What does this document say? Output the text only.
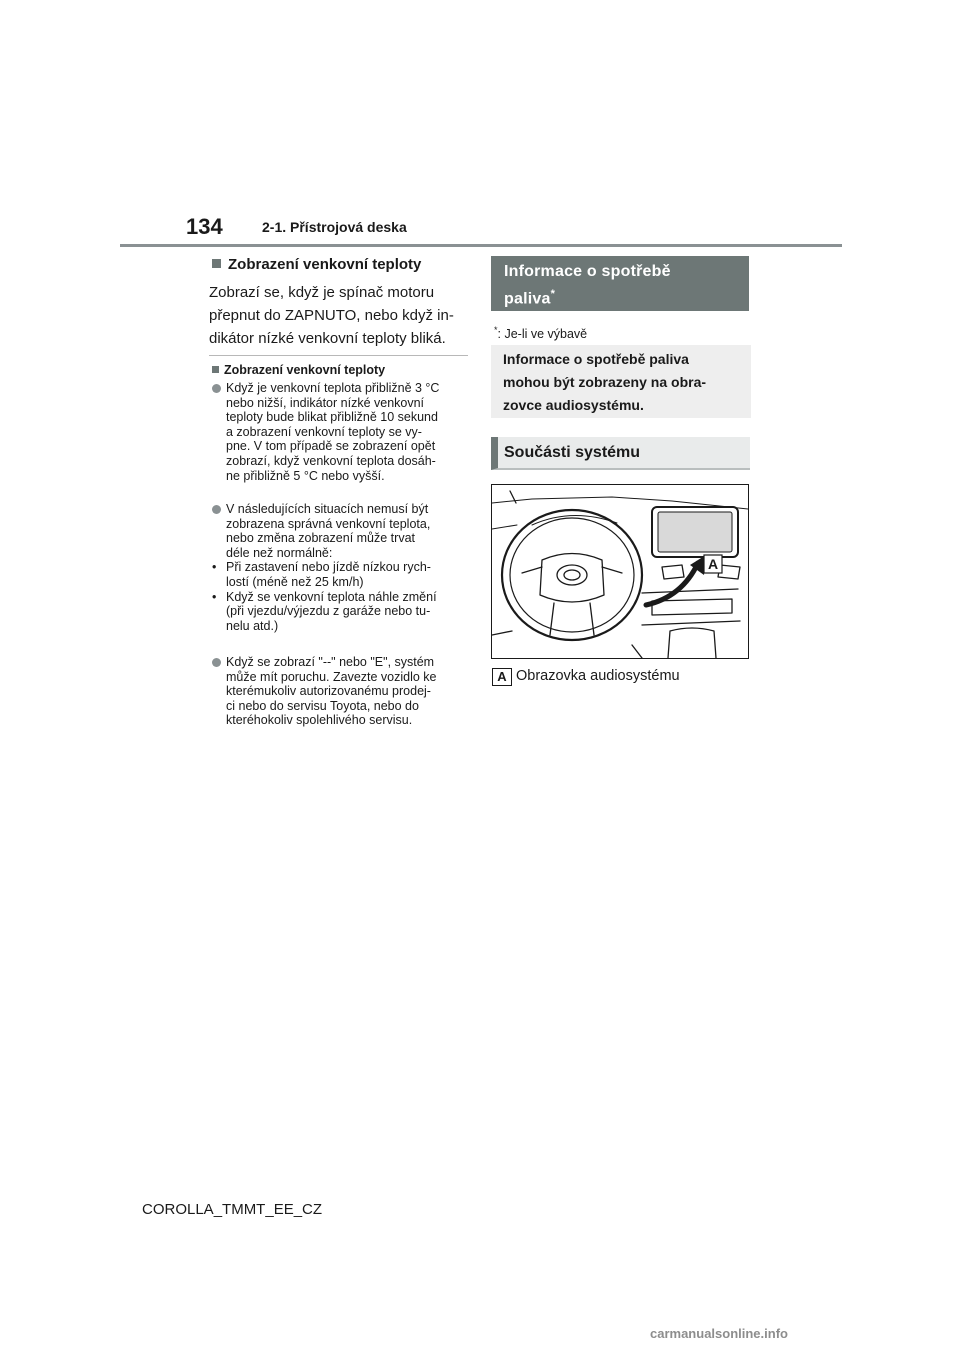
134	2-1. Přístrojová deska
Zobrazení venkovní teploty

Zobrazí se, když je spínač motoru

přepnut do ZAPNUTO, nebo když in-

dikátor nízké venkovní teploty bliká.

Zobrazení venkovní teploty
Když je venkovní teplota přibližně 3 °C
nebo nižší, indikátor nízké venkovní
teploty bude blikat přibližně 10 sekund
a zobrazení venkovní teploty se vy-
pne. V tom případě se zobrazení opět
zobrazí, když venkovní teplota dosáh-
ne přibližně 5 °C nebo vyšší.
V následujících situacích nemusí být
zobrazena správná venkovní teplota,
nebo změna zobrazení může trvat
déle než normálně:
• Při zastavení nebo jízdě nízkou rych-
lostí (méně než 25 km/h)
• Když se venkovní teplota náhle změní
(při vjezdu/výjezdu z garáže nebo tu-
nelu atd.)
Když se zobrazí "--" nebo "E", systém
může mít poruchu. Zavezte vozidlo ke
kterémukoliv autorizovanému prodej-
ci nebo do servisu Toyota, nebo do
kteréhokoliv spolehlivého servisu.
Informace o spotřebě
paliva*
*: Je-li ve výbavě
Informace o spotřebě paliva
mohou být zobrazeny na obra-
zovce audiosystému.
Součásti systému
A
A Obrazovka audiosystému
COROLLA_TMMT_EE_CZ
carmanualsonline.info
